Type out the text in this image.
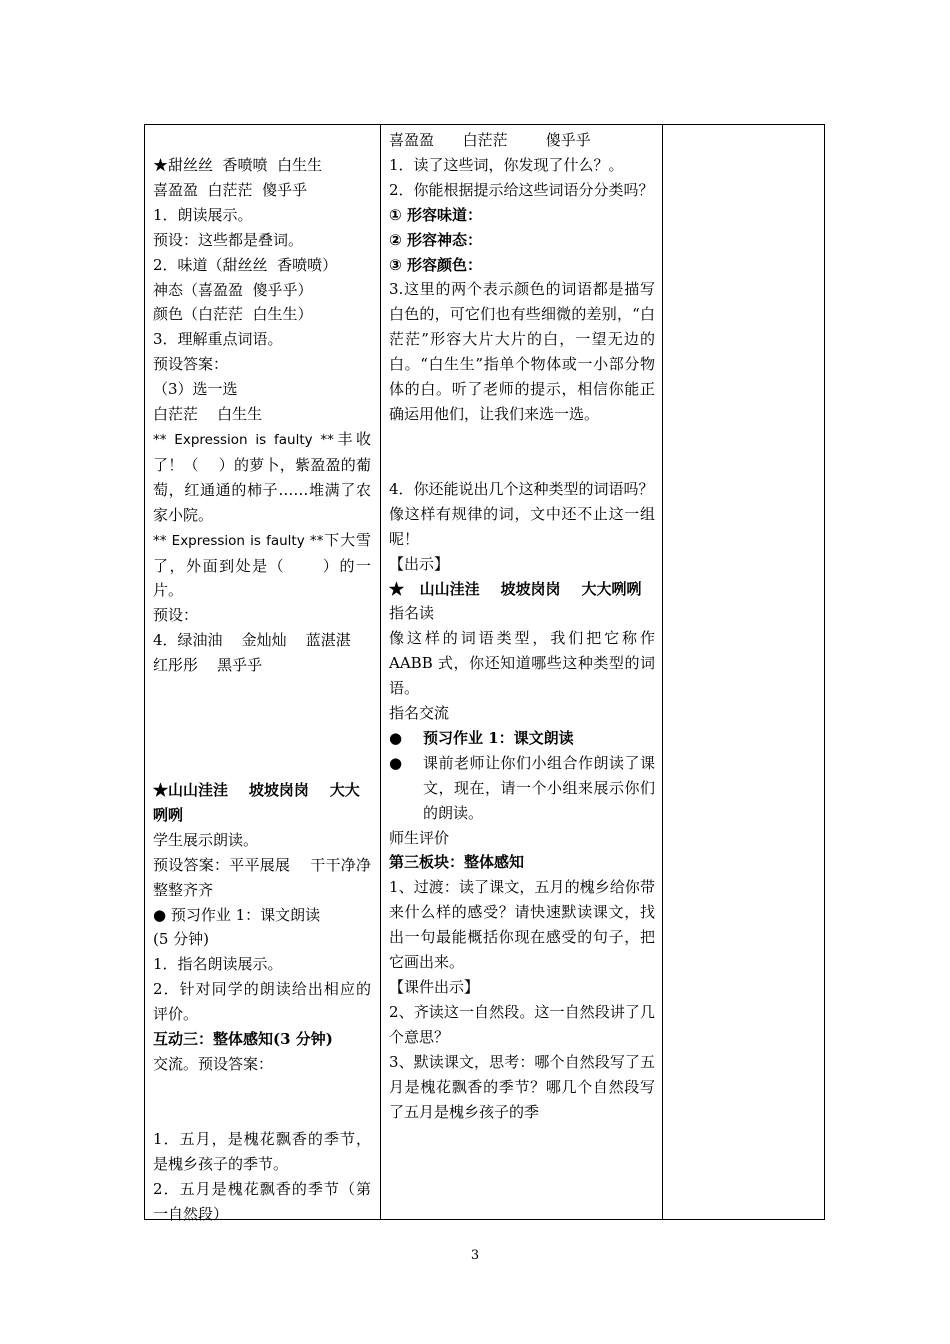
★甜丝丝  香喷喷  白生生

喜盈盈  白茫茫  傻乎乎

1．朗读展示。

预设：这些都是叠词。

2．味道（甜丝丝  香喷喷）

神态（喜盈盈  傻乎乎）

颜色（白茫茫  白生生）

3．理解重点词语。

预设答案：

（3）选一选

白茫茫    白生生

** Expression is faulty **丰收了！（    ）的萝卜，紫盈盈的葡萄，红通通的柿子……堆满了农家小院。

** Expression is faulty **下大雪了，外面到处是（      ）的一片。

预设：

4．绿油油    金灿灿    蓝湛湛

红彤彤    黑乎乎

★山山洼洼    坡坡岗岗    大大咧咧

学生展示朗读。

预设答案：平平展展    干干净净    整整齐齐

● 预习作业 1：课文朗读

(5 分钟)

1．指名朗读展示。

2．针对同学的朗读给出相应的评价。

互动三：整体感知(3 分钟)

交流。预设答案：

1．五月，是槐花飘香的季节，是槐乡孩子的季节。

2．五月是槐花飘香的季节（第一自然段）

喜盈盈      白茫茫        傻乎乎

1．读了这些词，你发现了什么？。

2．你能根据提示给这些词语分分类吗？

① 形容味道：

② 形容神态：

③ 形容颜色：

3.这里的两个表示颜色的词语都是描写白色的，可它们也有些细微的差别，“白茫茫”形容大片大片的白，一望无边的白。“白生生”指单个物体或一小部分物体的白。听了老师的提示，相信你能正确运用他们，让我们来选一选。

4．你还能说出几个这种类型的词语吗？

像这样有规律的词，文中还不止这一组呢！

【出示】

★   山山洼洼    坡坡岗岗    大大咧咧

指名读

像这样的词语类型，我们把它称作AABB 式，你还知道哪些这种类型的词语。

指名交流

●	预习作业 1：课文朗读
●	课前老师让你们小组合作朗读了课文，现在，请一个小组来展示你们的朗读。

师生评价

第三板块：整体感知

1、过渡：读了课文，五月的槐乡给你带来什么样的感受？请快速默读课文，找出一句最能概括你现在感受的句子，把它画出来。

【课件出示】

2、齐读这一自然段。这一自然段讲了几个意思？

3、默读课文，思考：哪个自然段写了五月是槐花飘香的季节？哪几个自然段写了五月是槐乡孩子的季

3
